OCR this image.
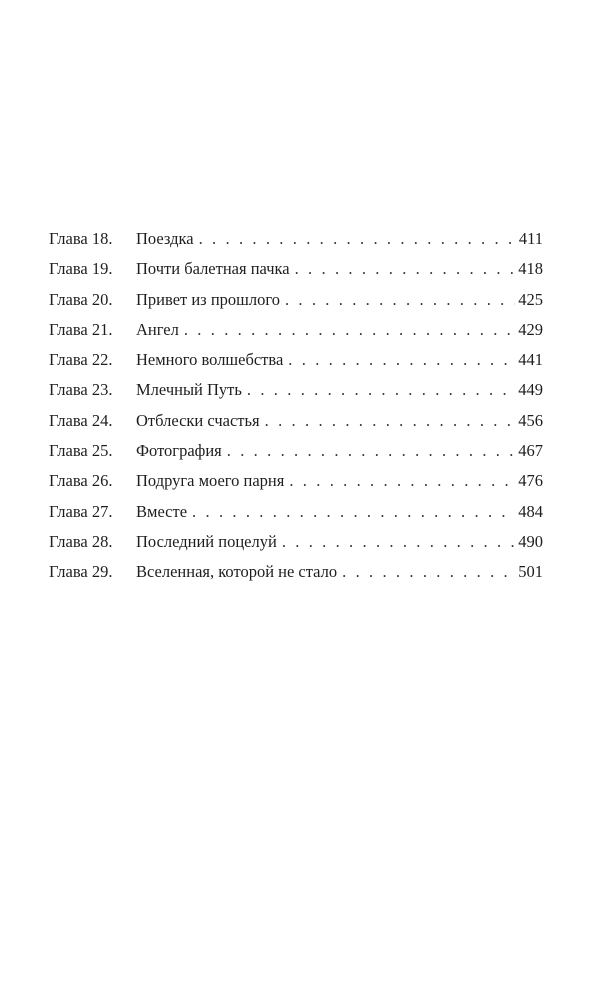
Глава 18.	Поездка . . .	411
Глава 19.	Почти балетная пачка . . .	418
Глава 20.	Привет из прошлого . . .	425
Глава 21.	Ангел . . .	429
Глава 22.	Немного волшебства . . .	441
Глава 23.	Млечный Путь . . .	449
Глава 24.	Отблески счастья . . .	456
Глава 25.	Фотография . . .	467
Глава 26.	Подруга моего парня . . .	476
Глава 27.	Вместе . . .	484
Глава 28.	Последний поцелуй . . .	490
Глава 29.	Вселенная, которой не стало . . .	501
